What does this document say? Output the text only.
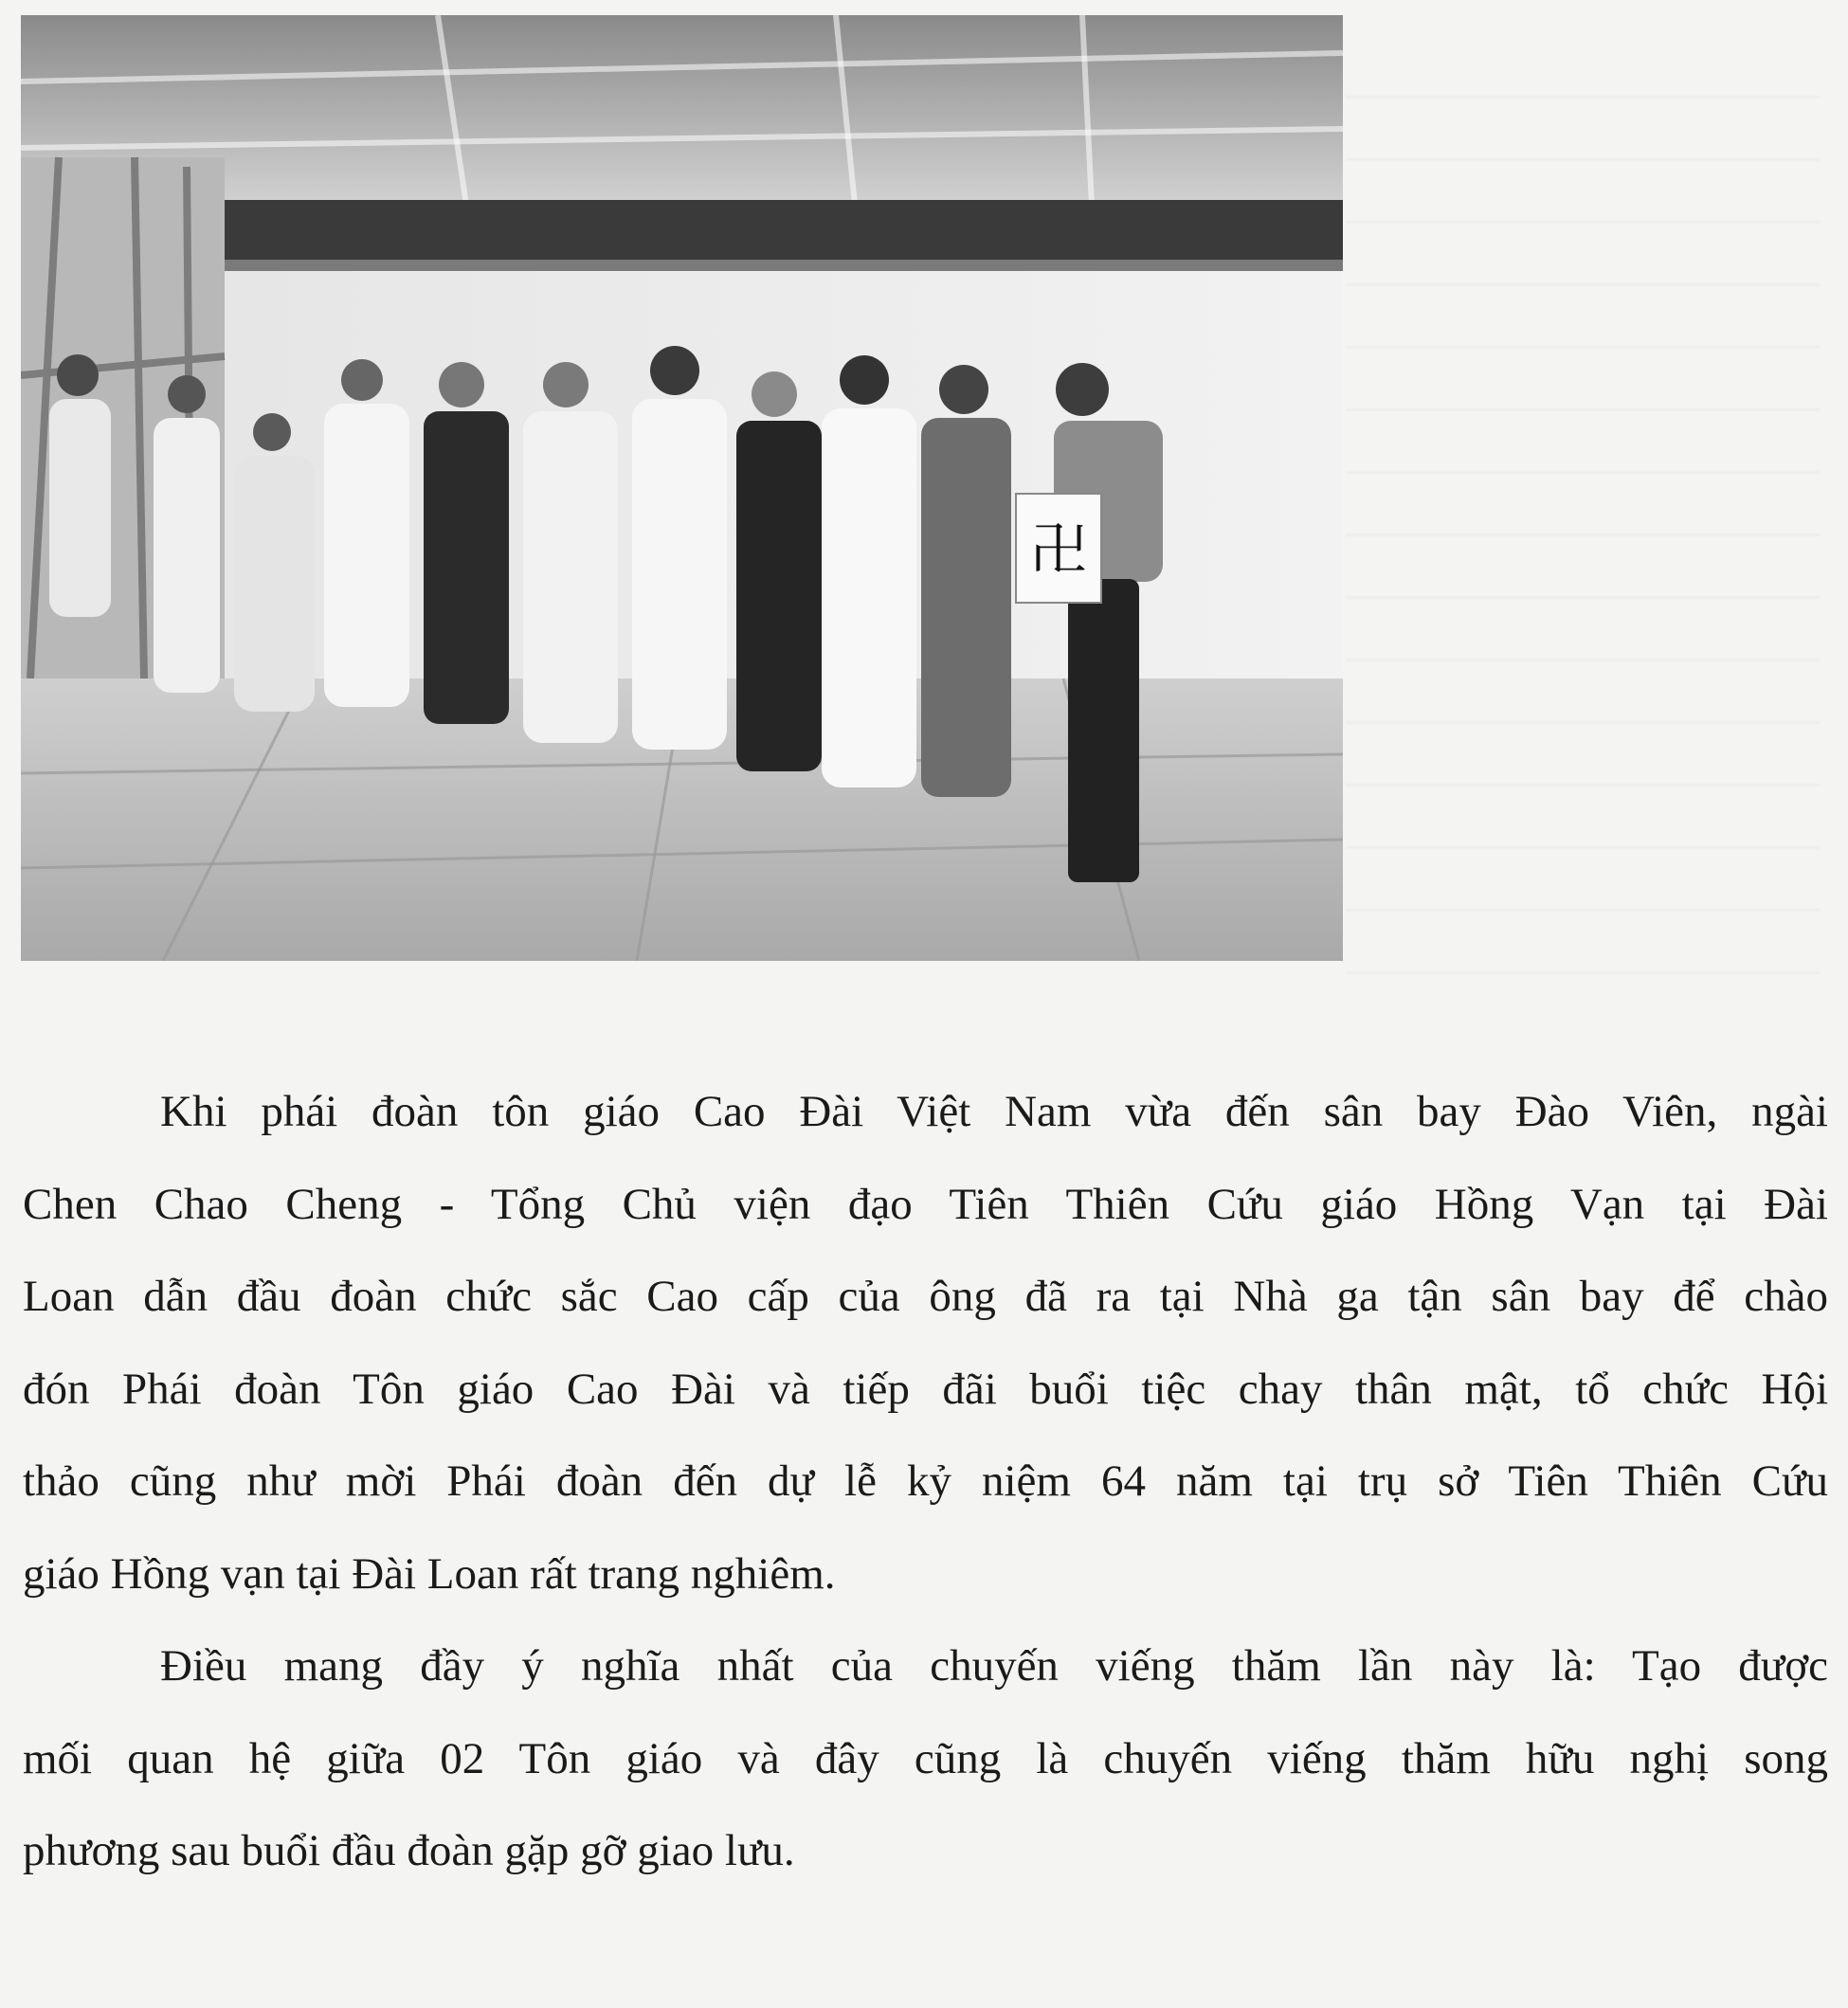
卍
Khi phái đoàn tôn giáo Cao Đài Việt Nam vừa đến sân bay Đào Viên, ngài
Chen Chao Cheng - Tổng Chủ viện đạo Tiên Thiên Cứu giáo Hồng Vạn tại Đài
Loan dẫn đầu đoàn chức sắc Cao cấp của ông đã ra tại Nhà ga tận sân bay để chào
đón Phái đoàn Tôn giáo Cao Đài và tiếp đãi buổi tiệc chay thân mật, tổ chức Hội
thảo cũng như mời Phái đoàn đến dự lễ kỷ niệm 64 năm tại trụ sở Tiên Thiên Cứu
giáo Hồng vạn tại Đài Loan rất trang nghiêm.
Điều mang đầy ý nghĩa nhất của chuyến viếng thăm lần này là: Tạo được
mối quan hệ giữa 02 Tôn giáo và đây cũng là chuyến viếng thăm hữu nghị song
phương sau buổi đầu đoàn gặp gỡ giao lưu.
